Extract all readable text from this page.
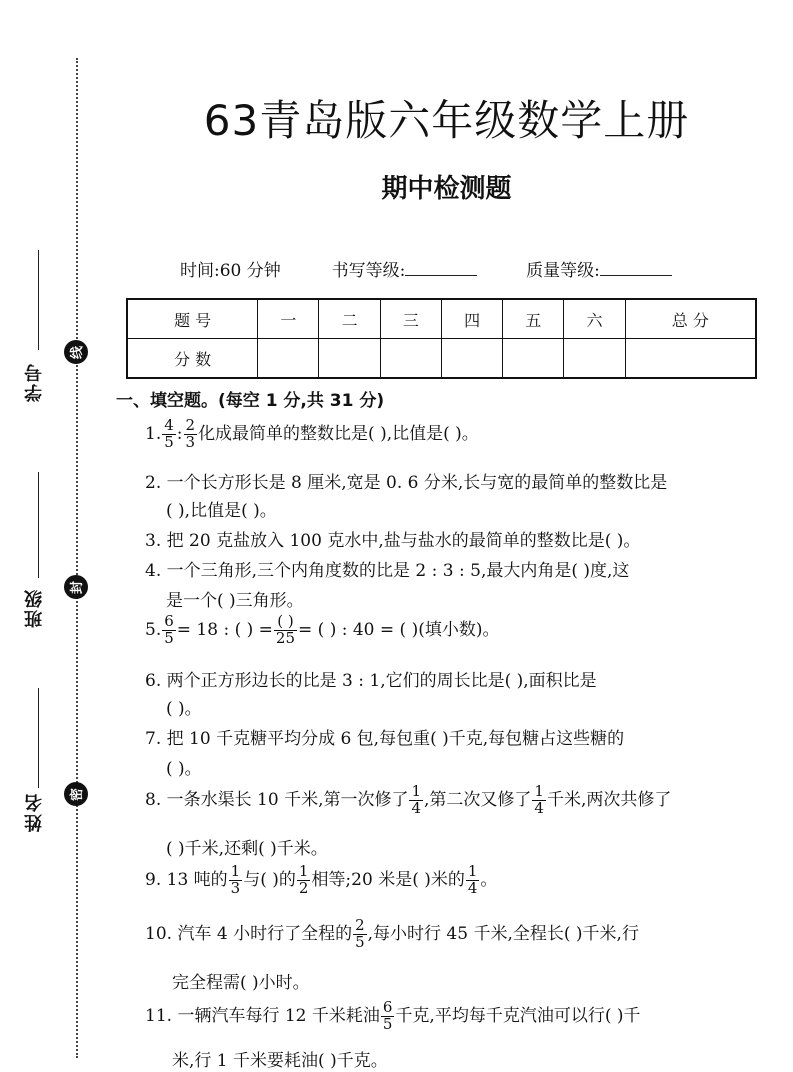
学号
线
班级
封
姓名	密
63青岛版六年级数学上册
期中检测题
时间:60 分钟	书写等级:	质量等级:
题 号	一	二	三	四	五	六	总 分
分 数							
一、填空题。(每空 1 分,共 31 分)
1. $\frac{4}{5}$ : $\frac{2}{3}$ 化成最简单的整数比是( ),比值是( )。
2. 一个长方形长是 8 厘米,宽是 0. 6 分米,长与宽的最简单的整数比是
( ),比值是( )。
3. 把 20 克盐放入 100 克水中,盐与盐水的最简单的整数比是( )。
4. 一个三角形,三个内角度数的比是 2 : 3 : 5,最大内角是( )度,这
是一个( )三角形。
5. $\frac{6}{5} = 18$ : ( ) = ( )
25 = ( ) : 40 = ( )(填小数)。
6. 两个正方形边长的比是 3 : 1,它们的周长比是( ),面积比是
( )。
7. 把 10 千克糖平均分成 6 包,每包重( )千克,每包糖占这些糖的
( )。
8. 一条水渠长 10 千米,第一次修了 $\frac{1}{4}$ ,第二次又修了 $\frac{1}{4}$ 千米,两次共修了
( )千米,还剩( )千米。
9. 13 吨的 $\frac{1}{3}$ 与( )的 $\frac{1}{2}$ 相等;20 米是( )米的 $\frac{1}{4}$ 。
10. 汽车 4 小时行了全程的 $\frac{2}{5}$ ,每小时行 45 千米,全程长( )千米,行
完全程需( )小时。
11. 一辆汽车每行 12 千米耗油 $\frac{6}{5}$ 千克,平均每千克汽油可以行( )千
米,行 1 千米要耗油( )千克。
